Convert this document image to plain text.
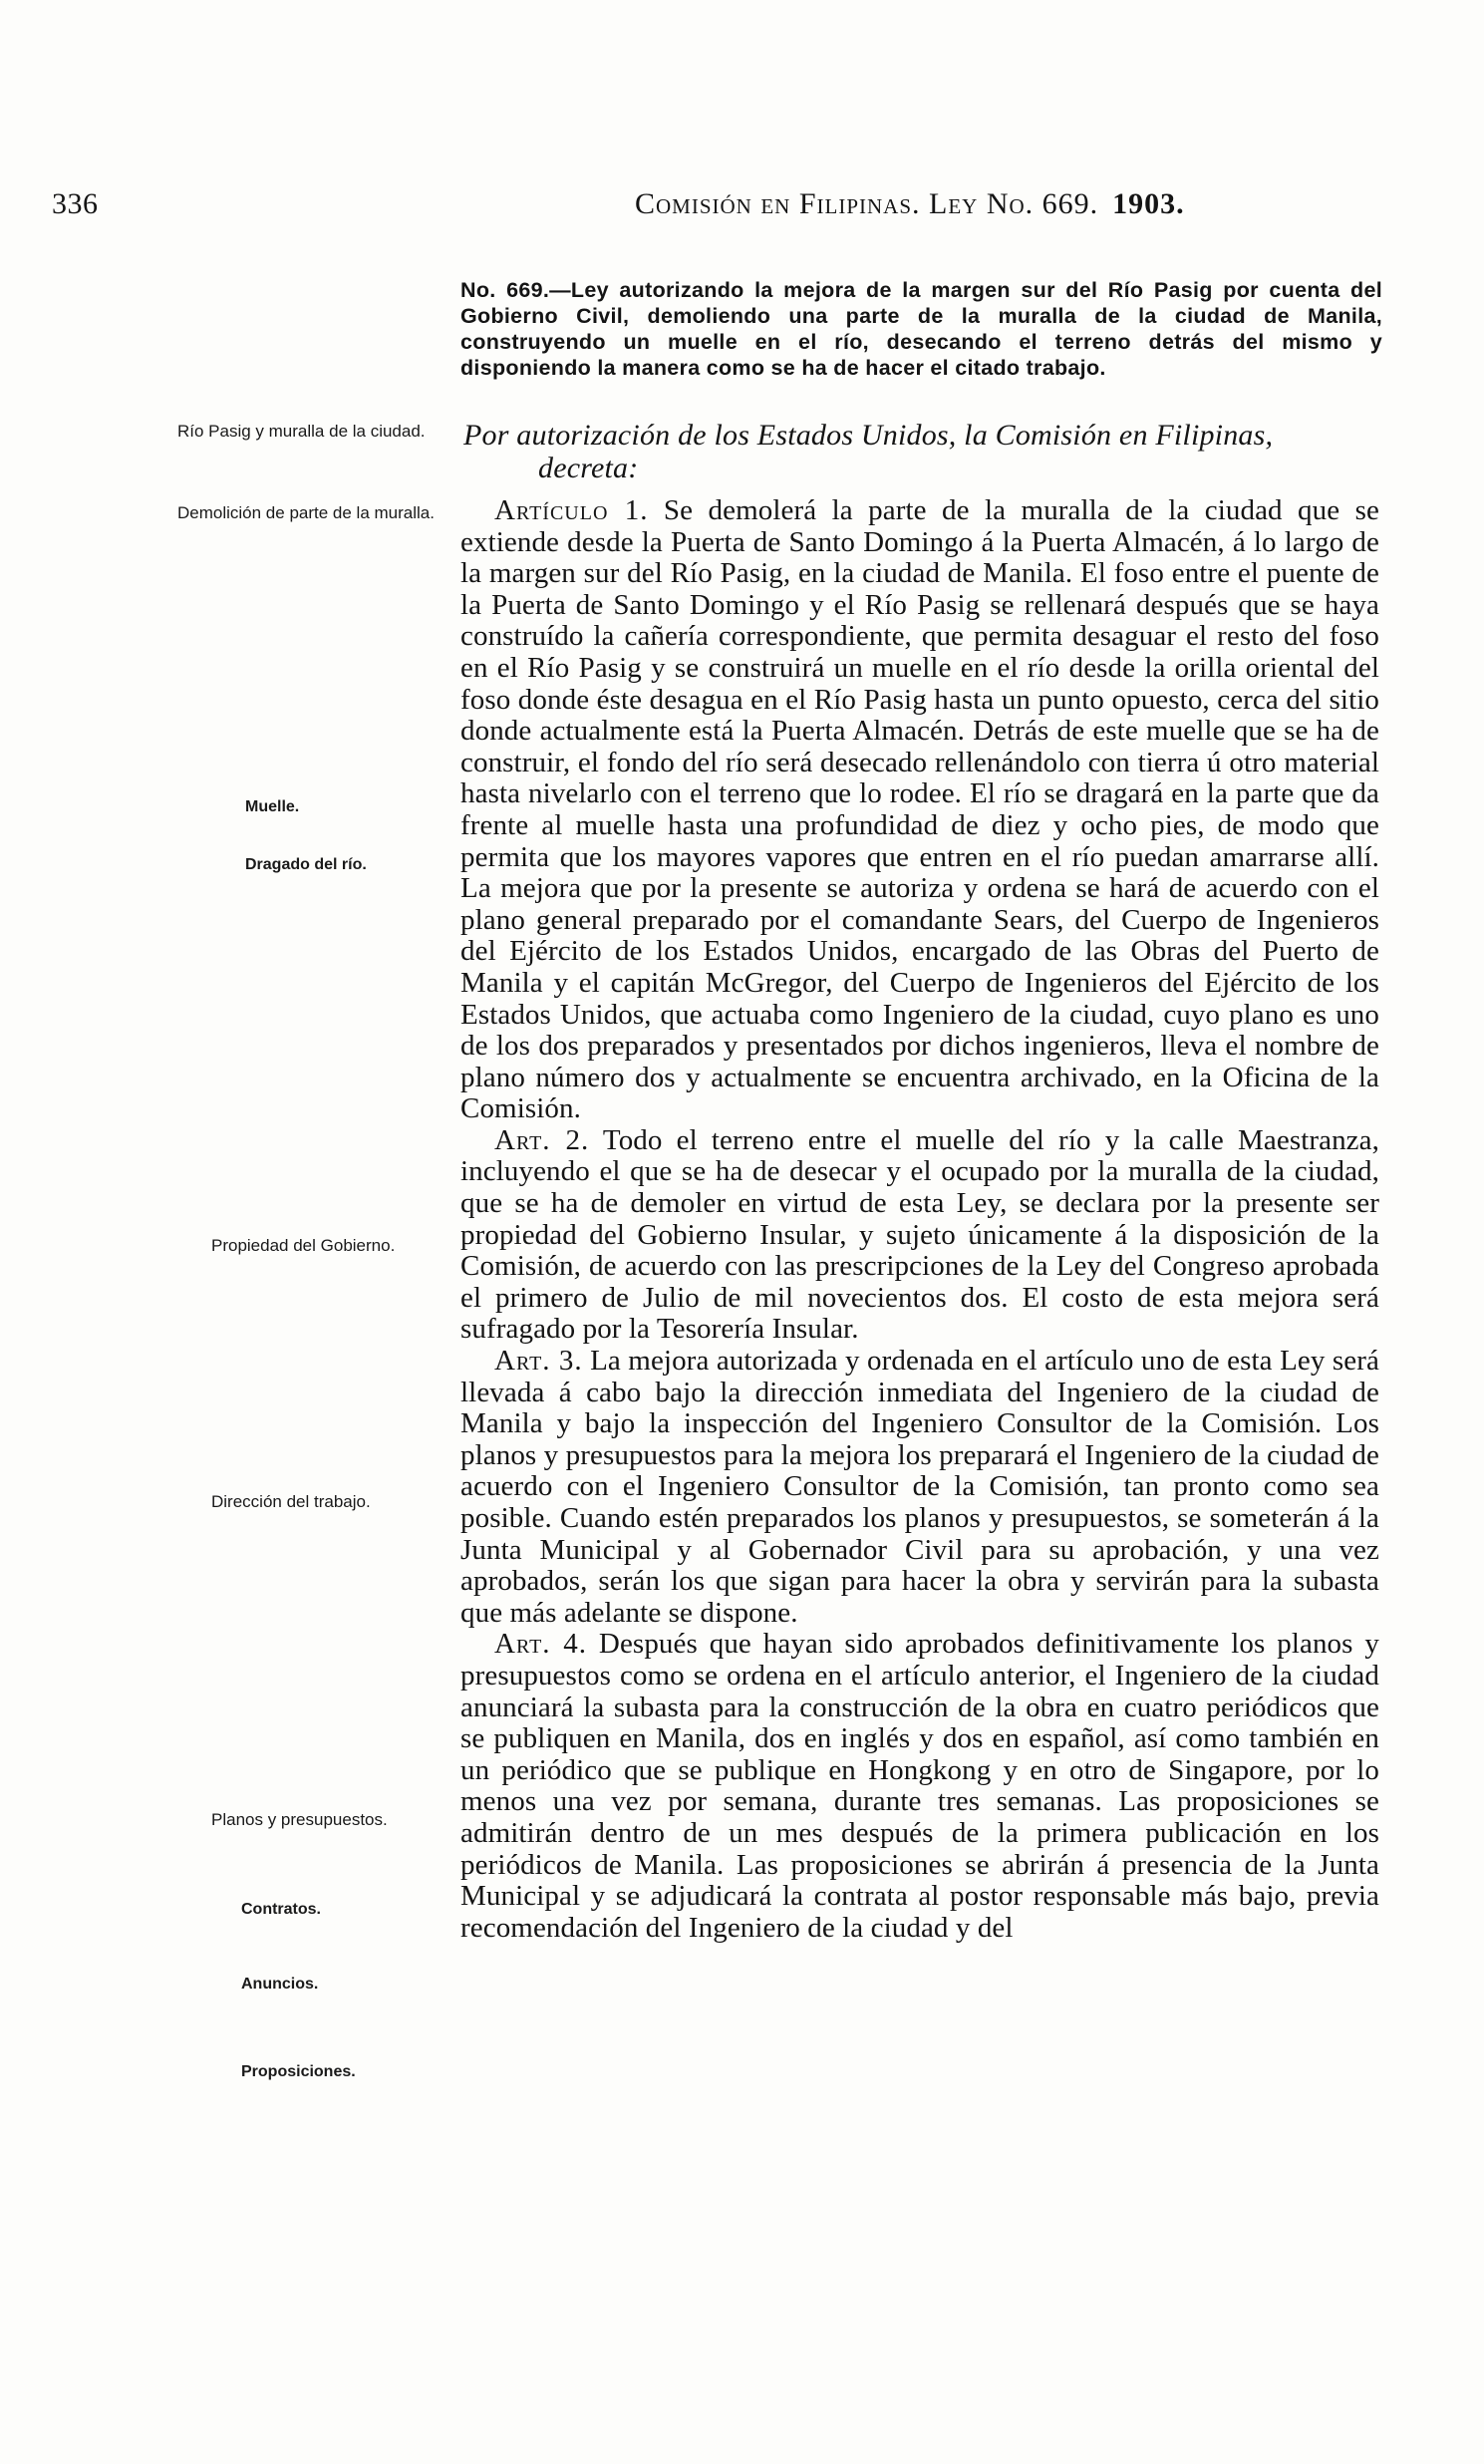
336	Comisión en Filipinas. Ley No. 669. 1903.

No. 669.—Ley autorizando la mejora de la margen sur del Río Pasig por cuenta del Gobierno Civil, demoliendo una parte de la muralla de la ciudad de Manila, construyendo un muelle en el río, desecando el terreno detrás del mismo y disponiendo la manera como se ha de hacer el citado trabajo.

Por autorización de los Estados Unidos, la Comisión en Filipinas,
decreta:

Artículo 1. Se demolerá la parte de la muralla de la ciudad que se extiende desde la Puerta de Santo Domingo á la Puerta Almacén, á lo largo de la margen sur del Río Pasig, en la ciudad de Manila. El foso entre el puente de la Puerta de Santo Domingo y el Río Pasig se rellenará después que se haya construído la cañería correspondiente, que permita desaguar el resto del foso en el Río Pasig y se construirá un muelle en el río desde la orilla oriental del foso donde éste desagua en el Río Pasig hasta un punto opuesto, cerca del sitio donde actualmente está la Puerta Almacén. Detrás de este muelle que se ha de construir, el fondo del río será desecado rellenándolo con tierra ú otro material hasta nivelarlo con el terreno que lo rodee. El río se dragará en la parte que da frente al muelle hasta una profundidad de diez y ocho pies, de modo que permita que los mayores vapores que entren en el río puedan amarrarse allí. La mejora que por la presente se autoriza y ordena se hará de acuerdo con el plano general preparado por el comandante Sears, del Cuerpo de Ingenieros del Ejército de los Estados Unidos, encargado de las Obras del Puerto de Manila y el capitán McGregor, del Cuerpo de Ingenieros del Ejército de los Estados Unidos, que actuaba como Ingeniero de la ciudad, cuyo plano es uno de los dos preparados y presentados por dichos ingenieros, lleva el nombre de plano número dos y actualmente se encuentra archivado, en la Oficina de la Comisión.

Art. 2. Todo el terreno entre el muelle del río y la calle Maestranza, incluyendo el que se ha de desecar y el ocupado por la muralla de la ciudad, que se ha de demoler en virtud de esta Ley, se declara por la presente ser propiedad del Gobierno Insular, y sujeto únicamente á la disposición de la Comisión, de acuerdo con las prescripciones de la Ley del Congreso aprobada el primero de Julio de mil novecientos dos. El costo de esta mejora será sufragado por la Tesorería Insular.

Art. 3. La mejora autorizada y ordenada en el artículo uno de esta Ley será llevada á cabo bajo la dirección inmediata del Ingeniero de la ciudad de Manila y bajo la inspección del Ingeniero Consultor de la Comisión. Los planos y presupuestos para la mejora los preparará el Ingeniero de la ciudad de acuerdo con el Ingeniero Consultor de la Comisión, tan pronto como sea posible. Cuando estén preparados los planos y presupuestos, se someterán á la Junta Municipal y al Gobernador Civil para su aprobación, y una vez aprobados, serán los que sigan para hacer la obra y servirán para la subasta que más adelante se dispone.

Art. 4. Después que hayan sido aprobados definitivamente los planos y presupuestos como se ordena en el artículo anterior, el Ingeniero de la ciudad anunciará la subasta para la construcción de la obra en cuatro periódicos que se publiquen en Manila, dos en inglés y dos en español, así como también en un periódico que se publique en Hongkong y en otro de Singapore, por lo menos una vez por semana, durante tres semanas. Las proposiciones se admitirán dentro de un mes después de la primera publicación en los periódicos de Manila. Las proposiciones se abrirán á presencia de la Junta Municipal y se adjudicará la contrata al postor responsable más bajo, previa recomendación del Ingeniero de la ciudad y del

Río Pasig y muralla de la ciudad.
Demolición de parte de la muralla.
Muelle.
Dragado del río.
Propiedad del Gobierno.
Dirección del trabajo.
Planos y presupuestos.
Contratos.
Anuncios.
Proposiciones.
